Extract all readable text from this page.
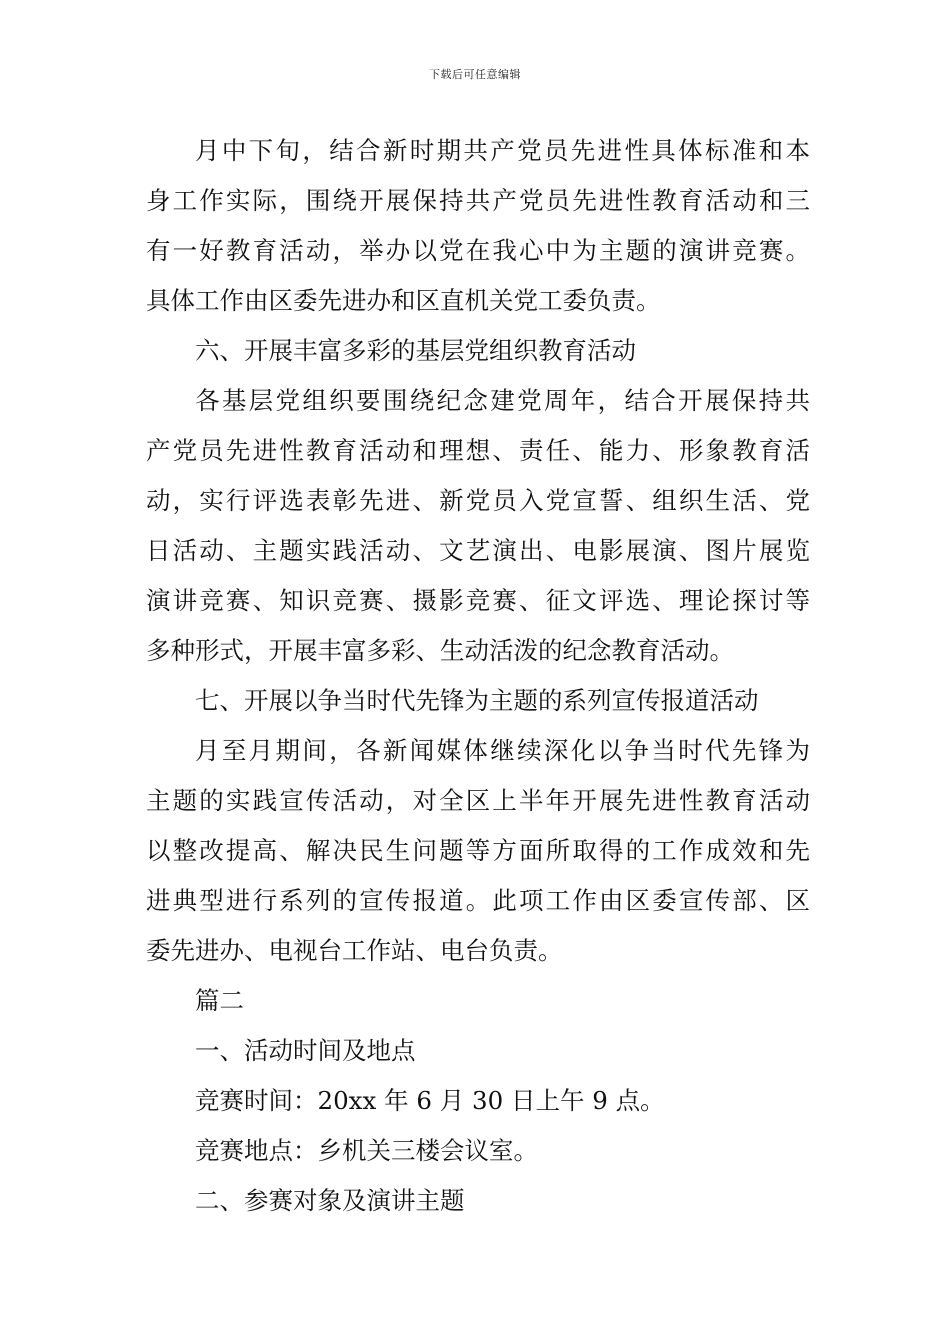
下载后可任意编辑
月中下旬，结合新时期共产党员先进性具体标准和本
身工作实际，围绕开展保持共产党员先进性教育活动和三
有一好教育活动，举办以党在我心中为主题的演讲竞赛。
具体工作由区委先进办和区直机关党工委负责。
六、开展丰富多彩的基层党组织教育活动
各基层党组织要围绕纪念建党周年，结合开展保持共
产党员先进性教育活动和理想、责任、能力、形象教育活
动，实行评选表彰先进、新党员入党宣誓、组织生活、党
日活动、主题实践活动、文艺演出、电影展演、图片展览
演讲竞赛、知识竞赛、摄影竞赛、征文评选、理论探讨等
多种形式，开展丰富多彩、生动活泼的纪念教育活动。
七、开展以争当时代先锋为主题的系列宣传报道活动
月至月期间，各新闻媒体继续深化以争当时代先锋为
主题的实践宣传活动，对全区上半年开展先进性教育活动
以整改提高、解决民生问题等方面所取得的工作成效和先
进典型进行系列的宣传报道。此项工作由区委宣传部、区
委先进办、电视台工作站、电台负责。
篇二
一、活动时间及地点
竞赛时间：20xx 年 6 月 30 日上午 9 点。
竞赛地点：乡机关三楼会议室。
二、参赛对象及演讲主题
